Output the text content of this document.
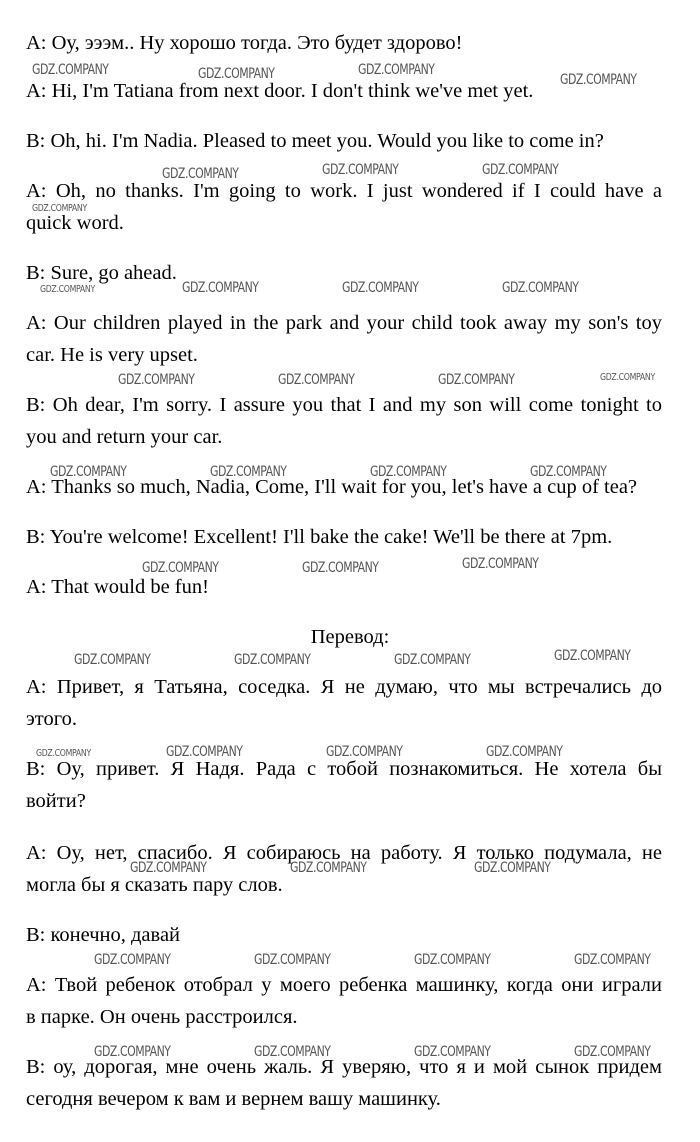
A: Оу, эээм.. Ну хорошо тогда. Это будет здорово!

A: Hi, I'm Tatiana from next door. I don't think we've met yet.

B: Oh, hi. I'm Nadia. Pleased to meet you. Would you like to come in?

A: Oh, no thanks. I'm going to work. I just wondered if I could have a

quick word.

B: Sure, go ahead.

A: Our children played in the park and your child took away my son's toy

car. He is very upset.

B: Oh dear, I'm sorry. I assure you that I and my son will come tonight to

you and return your car.

A: Thanks so much, Nadia, Come, I'll wait for you, let's have a cup of tea?

B: You're welcome! Excellent! I'll bake the cake! We'll be there at 7pm.

A: That would be fun!

Перевод:

A: Привет, я Татьяна, соседка. Я не думаю, что мы встречались до

этого.

B: Оу, привет. Я Надя. Рада с тобой познакомиться. Не хотела бы

войти?

A: Оу, нет, спасибо. Я собираюсь на работу. Я только подумала, не

могла бы я сказать пару слов.

B: конечно, давай

A: Твой ребенок отобрал у моего ребенка машинку, когда они играли

в парке. Он очень расстроился.

B: оу, дорогая, мне очень жаль. Я уверяю, что я и мой сынок придем

сегодня вечером к вам и вернем вашу машинку.

GDZ.COMPANY	GDZ.COMPANY	GDZ.COMPANY
GDZ.COMPANY
GDZ.COMPANY	GDZ.COMPANY	GDZ.COMPANY
GDZ.COMPANY
GDZ.COMPANY	GDZ.COMPANY	GDZ.COMPANY	GDZ.COMPANY
GDZ.COMPANY	GDZ.COMPANY	GDZ.COMPANY	GDZ.COMPANY
GDZ.COMPANY	GDZ.COMPANY	GDZ.COMPANY	GDZ.COMPANY
GDZ.COMPANY	GDZ.COMPANY	GDZ.COMPANY
GDZ.COMPANY	GDZ.COMPANY	GDZ.COMPANY	GDZ.COMPANY
GDZ.COMPANY	GDZ.COMPANY	GDZ.COMPANY	GDZ.COMPANY
GDZ.COMPANY	GDZ.COMPANY	GDZ.COMPANY
GDZ.COMPANY	GDZ.COMPANY	GDZ.COMPANY	GDZ.COMPANY
GDZ.COMPANY	GDZ.COMPANY	GDZ.COMPANY	GDZ.COMPANY
